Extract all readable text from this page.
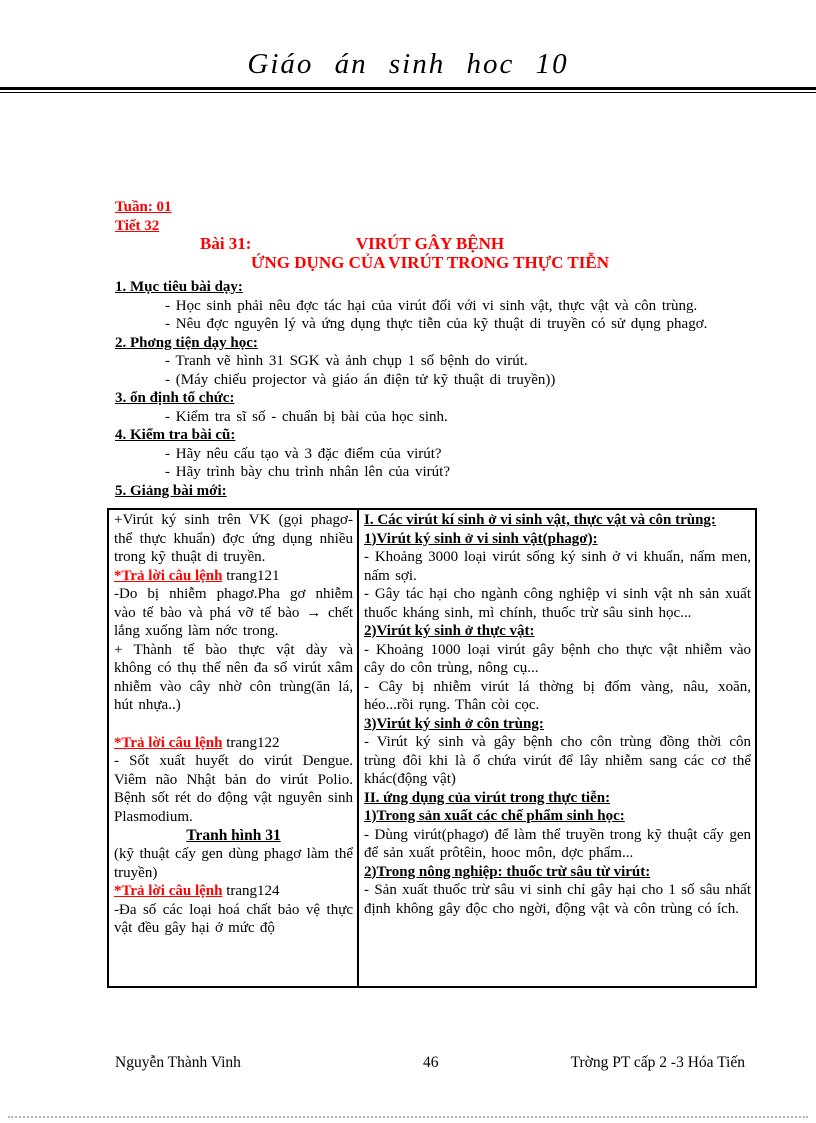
Giáo án sinh hoc 10
Tuần: 01
Tiết 32
Bài 31:	VIRÚT GÂY BỆNH
ỨNG DỤNG CỦA VIRÚT TRONG THỰC TIỄN
1. Mục tiêu bài dạy:
- Học sinh phải nêu đợc tác hại của virút đối với vi sinh vật, thực vật và côn trùng.
- Nêu đợc nguyên lý và ứng dụng thực tiễn của kỹ thuật di truyền có sử dụng phagơ.
2. Phơng tiện dạy học:
- Tranh vẽ hình 31 SGK và ảnh chụp 1 số bệnh do virút.
- (Máy chiếu projector và giáo án điện tử kỹ thuật di truyền))
3. ổn định tổ chức:
- Kiểm tra sĩ số - chuẩn bị bài của học sinh.
4. Kiểm tra bài cũ:
- Hãy nêu cấu tạo và 3 đặc điểm của virút?
- Hãy trình bày chu trình nhân lên của virút?
5. Giảng bài mới:
+Virút ký sinh trên VK (gọi phagơ-thể thực khuẩn) đợc ứng dụng nhiều trong kỹ thuật di truyền.
*Trả lời câu lệnh trang121
-Do bị nhiễm phagơ.Pha gơ nhiễm vào tế bào và phá vỡ tế bào → chết lắng xuống làm nớc trong.
+ Thành tế bào thực vật dày và không có thụ thể nên đa số virút xâm nhiễm vào cây nhờ côn trùng(ăn lá, hút nhựa..)
*Trả lời câu lệnh trang122
- Sốt xuất huyết do virút Dengue. Viêm não Nhật bản do virút Polio. Bệnh sốt rét do động vật nguyên sinh Plasmodium.
Tranh hình 31
(kỹ thuật cấy gen dùng phagơ làm thể truyền)
*Trả lời câu lệnh trang124
-Đa số các loại hoá chất bảo vệ thực vật đều gây hại ở mức độ

I. Các virút kí sinh ở vi sinh vật, thực vật và côn trùng:
1)Virút ký sinh ở vi sinh vật(phagơ):
- Khoảng 3000 loại virút sống ký sinh ở vi khuẩn, nấm men, nấm sợi.
- Gây tác hại cho ngành công nghiệp vi sinh vật nh sản xuất thuốc kháng sinh, mì chính, thuốc trừ sâu sinh học...
2)Virút ký sinh ở thực vật:
- Khoảng 1000 loại virút gây bệnh cho thực vật nhiễm vào cây do côn trùng, nông cụ...
- Cây bị nhiễm virút lá thờng bị đốm vàng, nâu, xoăn, héo...rồi rụng. Thân còi cọc.
3)Virút ký sinh ở côn trùng:
- Virút ký sinh và gây bệnh cho côn trùng đồng thời côn trùng đôi khi là ổ chứa virút để lây nhiễm sang các cơ thể khác(động vật)
II. ứng dụng của virút trong thực tiễn:
1)Trong sản xuất các chế phẩm sinh học:
- Dùng virút(phagơ) để làm thể truyền trong kỹ thuật cấy gen để sản xuất prôtêin, hooc môn, dợc phẩm...
2)Trong nông nghiệp: thuốc trừ sâu từ virút:
- Sản xuất thuốc trừ sâu vi sinh chỉ gây hại cho 1 số sâu nhất định không gây độc cho ngời, động vật và côn trùng có ích.
Nguyễn Thành Vinh	46	Trờng PT cấp 2 -3 Hóa Tiến
